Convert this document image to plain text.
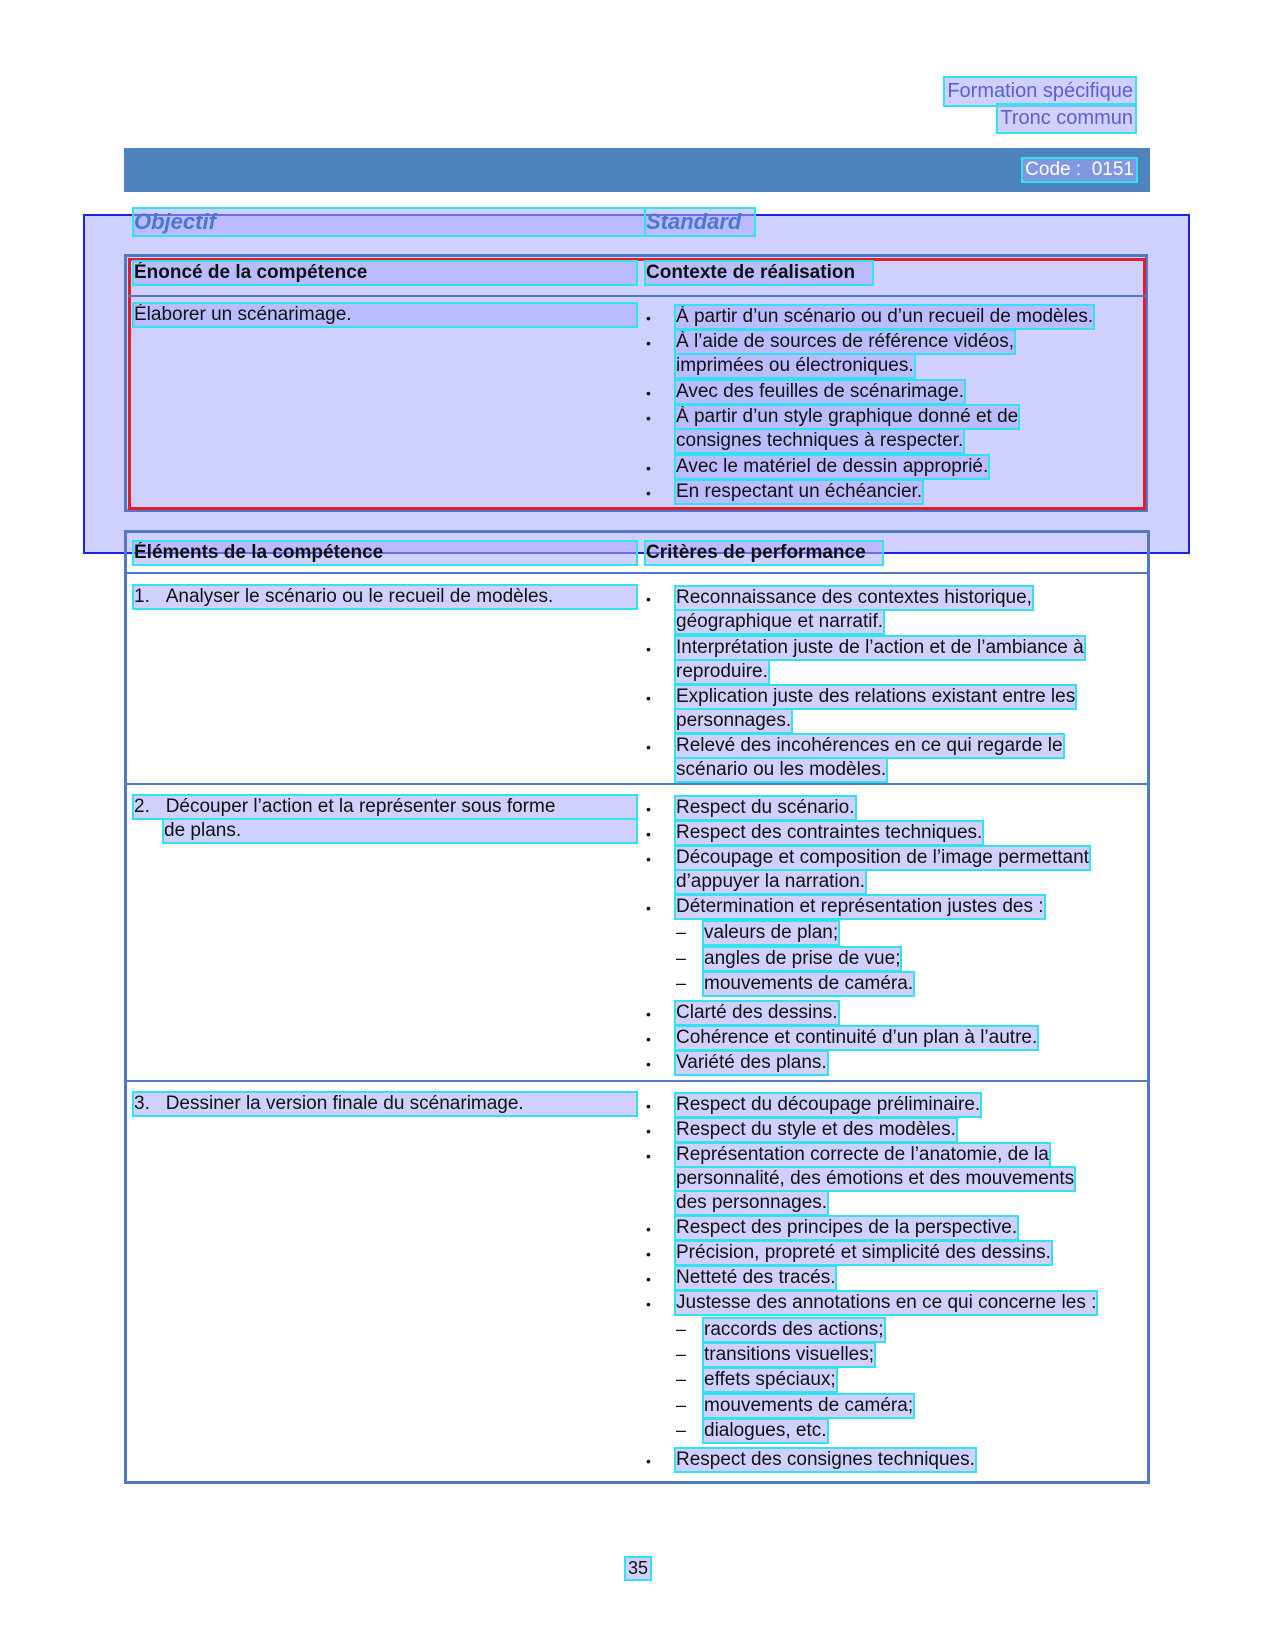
Formation spécifique
Tronc commun
Code : 0151
Objectif	Standard
Énoncé de la compétence	Contexte de réalisation
Élaborer un scénarimage.	• À partir d’un scénario ou d’un recueil de modèles.
• À l’aide de sources de référence vidéos,
imprimées ou électroniques.
• Avec des feuilles de scénarimage.
• À partir d’un style graphique donné et de
consignes techniques à respecter.
• Avec le matériel de dessin approprié.
• En respectant un échéancier.
Éléments de la compétence	Critères de performance
1. Analyser le scénario ou le recueil de modèles.	• Reconnaissance des contextes historique,
géographique et narratif.
• Interprétation juste de l’action et de l’ambiance à
reproduire.
• Explication juste des relations existant entre les
personnages.
• Relevé des incohérences en ce qui regarde le
scénario ou les modèles.
2. Découper l’action et la représenter sous forme
de plans.
• Respect du scénario.
• Respect des contraintes techniques.
• Découpage et composition de l’image permettant
d’appuyer la narration.
• Détermination et représentation justes des :
– valeurs de plan;
– angles de prise de vue;
– mouvements de caméra.
• Clarté des dessins.
• Cohérence et continuité d’un plan à l’autre.
• Variété des plans.
3. Dessiner la version finale du scénarimage.	• Respect du découpage préliminaire.
• Respect du style et des modèles.
• Représentation correcte de l’anatomie, de la
personnalité, des émotions et des mouvements
des personnages.
• Respect des principes de la perspective.
• Précision, propreté et simplicité des dessins.
• Netteté des tracés.
• Justesse des annotations en ce qui concerne les :
– raccords des actions;
– transitions visuelles;
– effets spéciaux;
– mouvements de caméra;
– dialogues, etc.
• Respect des consignes techniques.
35
